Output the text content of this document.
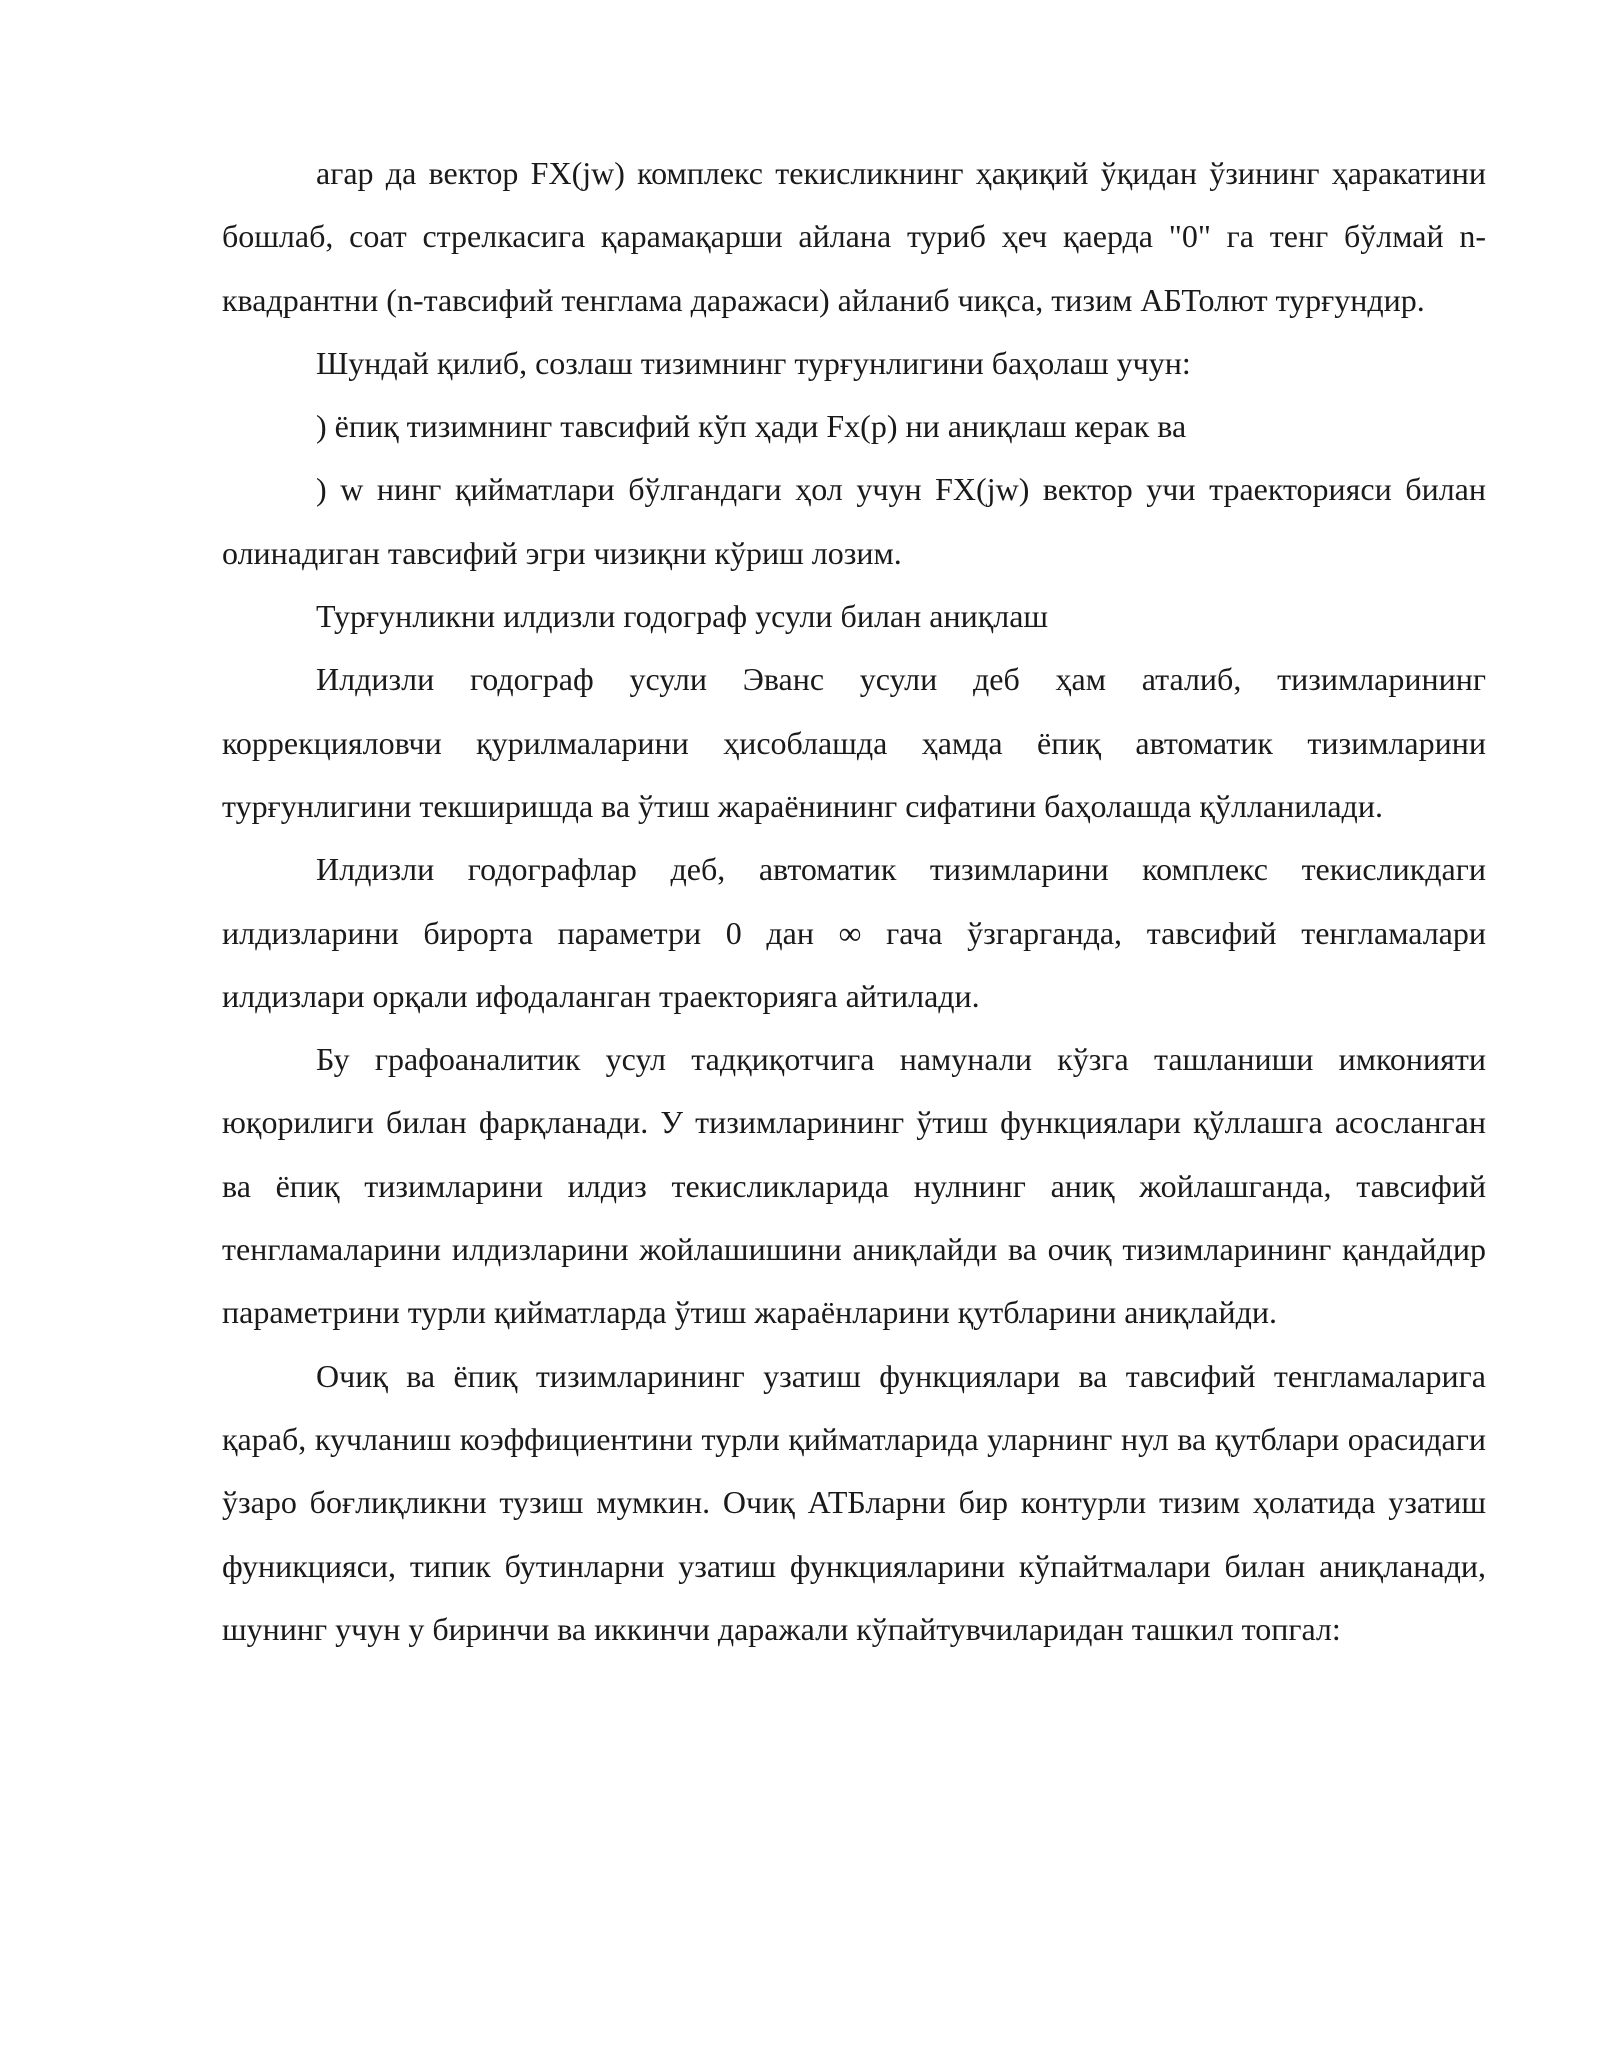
агар да вектор FX(jw) комплекс текисликнинг ҳақиқий ўқидан ўзининг ҳаракатини бошлаб, соат стрелкасига қарамақарши айлана туриб ҳеч қаерда "0" га тенг бўлмай n-квадрантни (n-тавсифий тенглама даражаси) айланиб чиқса, тизим АБТолют турғундир.

Шундай қилиб, созлаш тизимнинг турғунлигини баҳолаш учун:

) ёпиқ тизимнинг тавсифий кўп ҳади Fx(p) ни аниқлаш керак ва

) w нинг қийматлари бўлгандаги ҳол учун FX(jw) вектор учи траекторияси билан олинадиган тавсифий эгри чизиқни кўриш лозим.

Турғунликни илдизли годограф усули билан аниқлаш

Илдизли годограф усули Эванс усули деб ҳам аталиб, тизимларининг коррекцияловчи қурилмаларини ҳисоблашда ҳамда ёпиқ автоматик тизимларини турғунлигини текширишда ва ўтиш жараёнининг сифатини баҳолашда қўлланилади.

Илдизли годографлар деб, автоматик тизимларини комплекс текисликдаги илдизларини бирорта параметри 0 дан ∞ гача ўзгарганда, тавсифий тенгламалари илдизлари орқали ифодаланган траекторияга айтилади.

Бу графоаналитик усул тадқиқотчига намунали кўзга ташланиши имконияти юқорилиги билан фарқланади. У тизимларининг ўтиш функциялари қўллашга асосланган ва ёпиқ тизимларини илдиз текисликларида нулнинг аниқ жойлашганда, тавсифий тенгламаларини илдизларини жойлашишини аниқлайди ва очиқ тизимларининг қандайдир параметрини турли қийматларда ўтиш жараёнларини қутбларини аниқлайди.

Очиқ ва ёпиқ тизимларининг узатиш функциялари ва тавсифий тенгламаларига қараб, кучланиш коэффициентини турли қийматларида уларнинг нул ва қутблари орасидаги ўзаро боғлиқликни тузиш мумкин. Очиқ АТБларни бир контурли тизим ҳолатида узатиш фуникцияси, типик бутинларни узатиш функцияларини кўпайтмалари билан аниқланади, шунинг учун у биринчи ва иккинчи даражали кўпайтувчиларидан ташкил топгал:
